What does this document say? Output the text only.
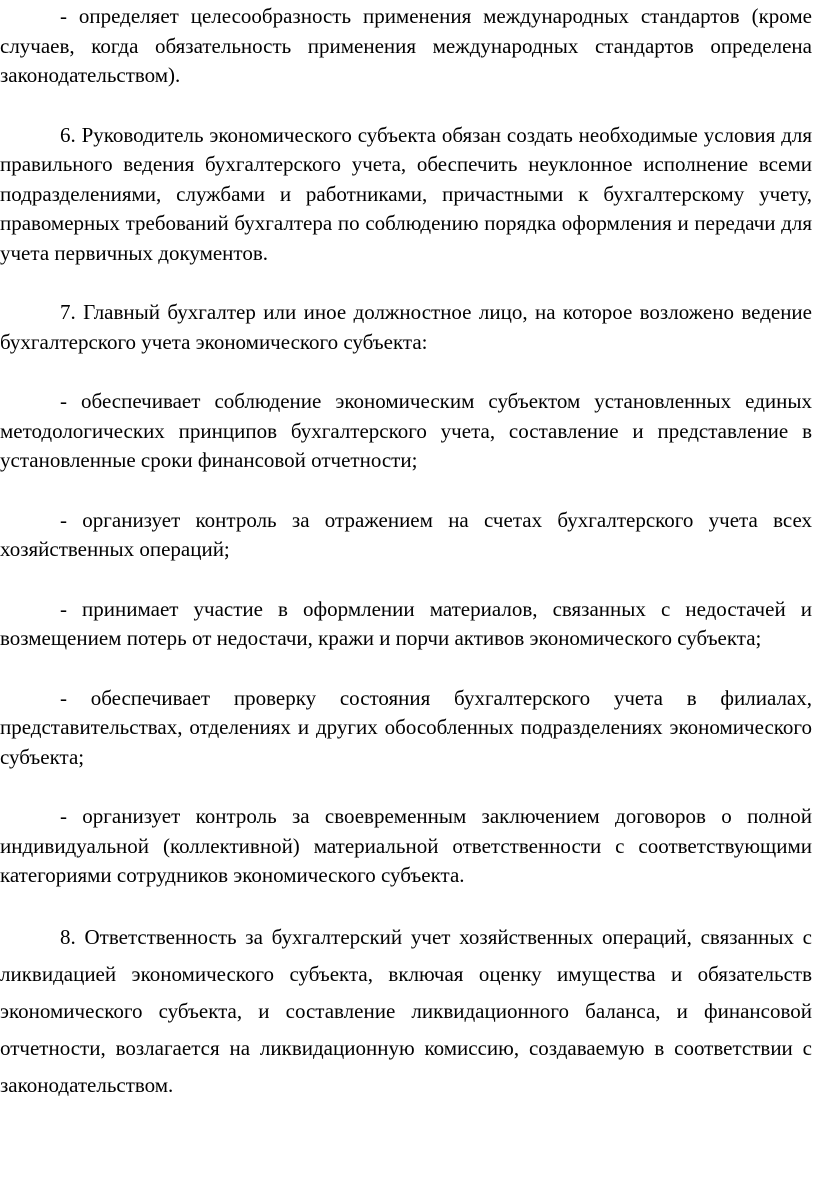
- определяет целесообразность применения международных стандартов (кроме случаев, когда обязательность применения международных стандартов определена законодательством).

6. Руководитель экономического субъекта обязан создать необходимые условия для правильного ведения бухгалтерского учета, обеспечить неуклонное исполнение всеми подразделениями, службами и работниками, причастными к бухгалтерскому учету, правомерных требований бухгалтера по соблюдению порядка оформления и передачи для учета первичных документов.

7. Главный бухгалтер или иное должностное лицо, на которое возложено ведение бухгалтерского учета экономического субъекта:

- обеспечивает соблюдение экономическим субъектом установленных единых методологических принципов бухгалтерского учета, составление и представление в установленные сроки финансовой отчетности;

- организует контроль за отражением на счетах бухгалтерского учета всех хозяйственных операций;

- принимает участие в оформлении материалов, связанных с недостачей и возмещением потерь от недостачи, кражи и порчи активов экономического субъекта;

- обеспечивает проверку состояния бухгалтерского учета в филиалах, представительствах, отделениях и других обособленных подразделениях экономического субъекта;

- организует контроль за своевременным заключением договоров о полной индивидуальной (коллективной) материальной ответственности с соответствующими категориями сотрудников экономического субъекта.

8. Ответственность за бухгалтерский учет хозяйственных операций, связанных с ликвидацией экономического субъекта, включая оценку имущества и обязательств экономического субъекта, и составление ликвидационного баланса, и финансовой отчетности, возлагается на ликвидационную комиссию, создаваемую в соответствии с законодательством.
